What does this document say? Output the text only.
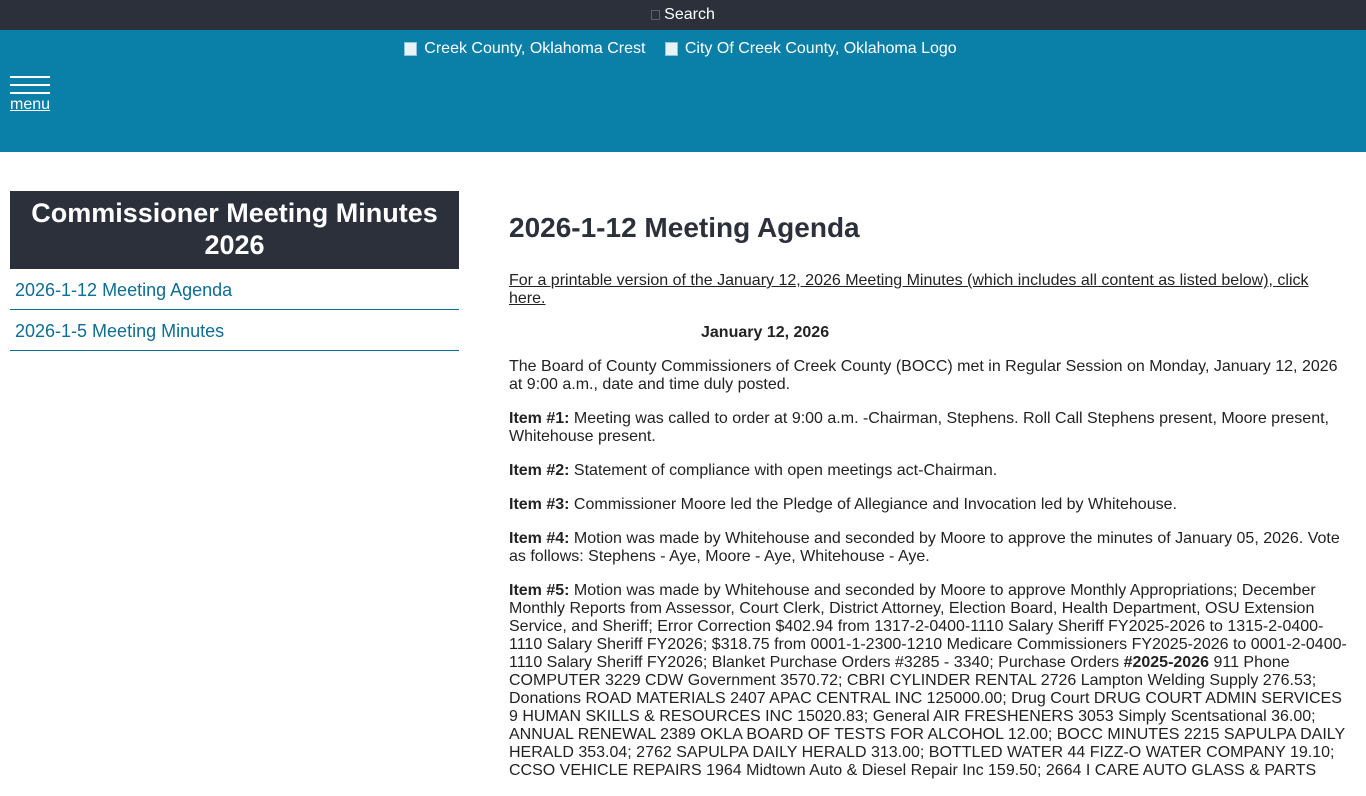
Search
Creek County, Oklahoma Crest
City Of Creek County, Oklahoma Logo
menu
Commissioner Meeting Minutes 2026
2026-1-12 Meeting Agenda
2026-1-5 Meeting Minutes
2026-1-12 Meeting Agenda
For a printable version of the January 12, 2026 Meeting Minutes (which includes all content as listed below), click here.

January 12, 2026

The Board of County Commissioners of Creek County (BOCC) met in Regular Session on Monday, January 12, 2026 at 9:00 a.m., date and time duly posted.

Item #1: Meeting was called to order at 9:00 a.m. -Chairman, Stephens. Roll Call Stephens present, Moore present, Whitehouse present.

Item #2: Statement of compliance with open meetings act-Chairman.

Item #3: Commissioner Moore led the Pledge of Allegiance and Invocation led by Whitehouse.

Item #4: Motion was made by Whitehouse and seconded by Moore to approve the minutes of January 05, 2026. Vote as follows: Stephens - Aye, Moore - Aye, Whitehouse - Aye.

Item #5: Motion was made by Whitehouse and seconded by Moore to approve Monthly Appropriations; December Monthly Reports from Assessor, Court Clerk, District Attorney, Election Board, Health Department, OSU Extension Service, and Sheriff; Error Correction $402.94 from 1317-2-0400-1110 Salary Sheriff FY2025-2026 to 1315-2-0400-1110 Salary Sheriff FY2026; $318.75 from 0001-1-2300-1210 Medicare Commissioners FY2025-2026 to 0001-2-0400-1110 Salary Sheriff FY2026; Blanket Purchase Orders #3285 - 3340; Purchase Orders #2025-2026 911 Phone COMPUTER 3229 CDW Government 3570.72; CBRI CYLINDER RENTAL 2726 Lampton Welding Supply 276.53; Donations ROAD MATERIALS 2407 APAC CENTRAL INC 125000.00; Drug Court DRUG COURT ADMIN SERVICES 9 HUMAN SKILLS & RESOURCES INC 15020.83; General AIR FRESHENERS 3053 Simply Scentsational 36.00; ANNUAL RENEWAL 2389 OKLA BOARD OF TESTS FOR ALCOHOL 12.00; BOCC MINUTES 2215 SAPULPA DAILY HERALD 353.04; 2762 SAPULPA DAILY HERALD 313.00; BOTTLED WATER 44 FIZZ-O WATER COMPANY 19.10; CCSO VEHICLE REPAIRS 1964 Midtown Auto & Diesel Repair Inc 159.50; 2664 I CARE AUTO GLASS & PARTS
